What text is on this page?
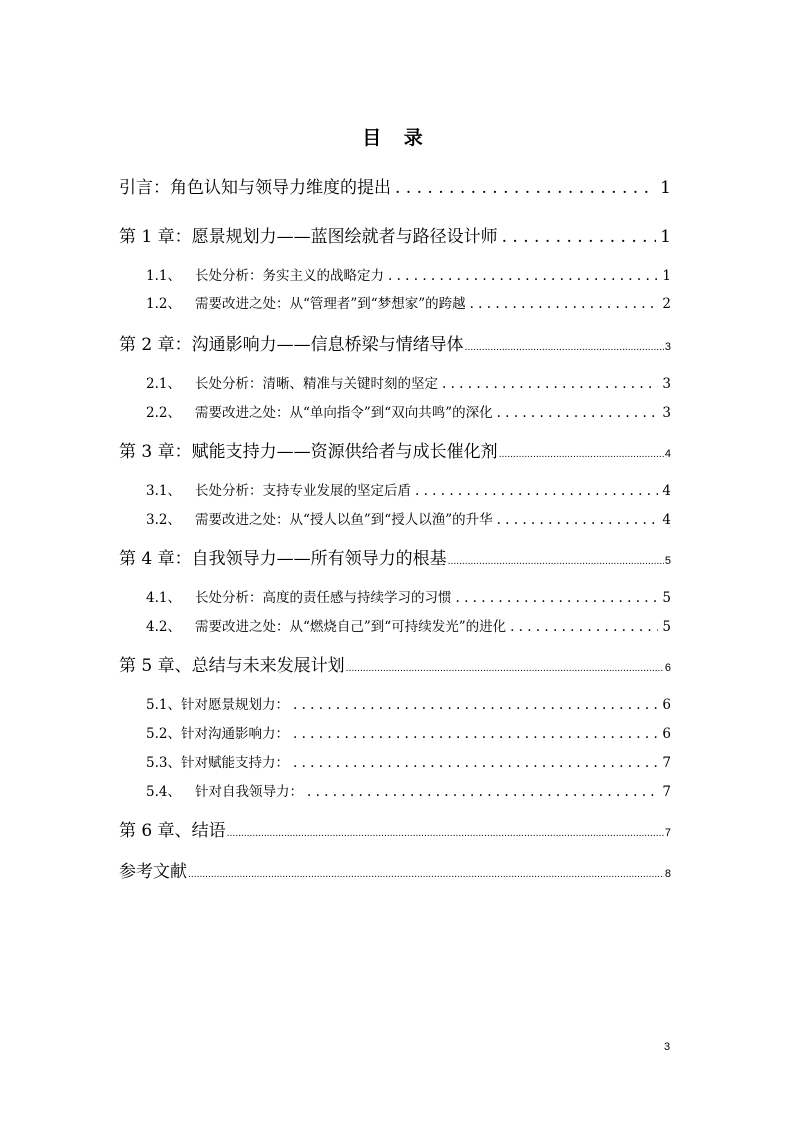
目 录
引言： 角色认知与领导力维度的提出 . . .	1
第 1 章： 愿景规划力——蓝图绘就者与路径设计师 . . .	1
1.1、 长处分析：务实主义的战略定力 . . .	1
1.2、 需要改进之处：从“管理者”到“梦想家”的跨越 . . .	2
第 2 章： 沟通影响力——信息桥梁与情绪导体 .....	3
2.1、 长处分析：清晰、精准与关键时刻的坚定 . . .	3
2.2、 需要改进之处：从“单向指令”到“双向共鸣”的深化 . . .	3
第 3 章： 赋能支持力——资源供给者与成长催化剂 .....	4
3.1、 长处分析：支持专业发展的坚定后盾 . . .	4
3.2、 需要改进之处：从“授人以鱼”到“授人以渔”的升华 . . .	4
第 4 章： 自我领导力——所有领导力的根基 .....	5
4.1、 长处分析：高度的责任感与持续学习的习惯 . . .	5
4.2、 需要改进之处：从“燃烧自己”到“可持续发光”的进化 . . .	5
第 5 章、 总结与未来发展计划 .....	6
5.1、 针对愿景规划力： . . .	6
5.2、 针对沟通影响力： . . .	6
5.3、 针对赋能支持力： . . .	7
5.4、 针对自我领导力： . . .	7
第 6 章、 结语 .....	7
参考文献 .....	8
3
